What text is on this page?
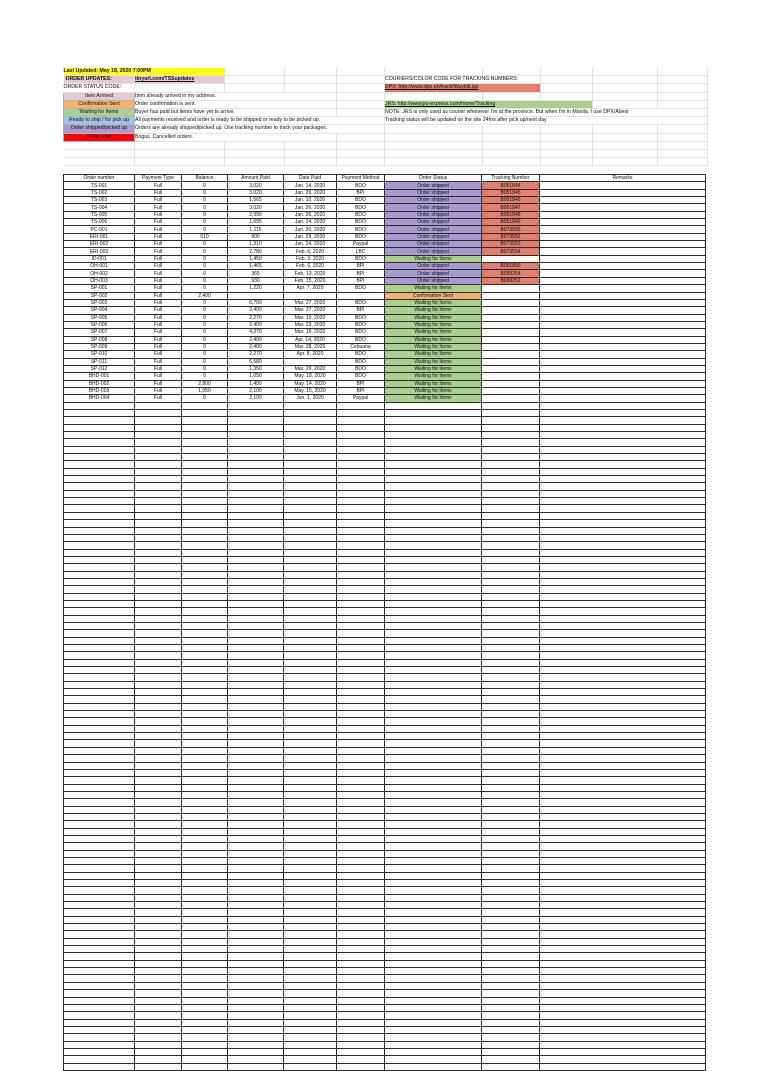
Last Updated: May 18, 2020 7:00PM									
ORDER UPDATES:	tinyurl.com/TSSupdates				COURIERS/COLOR CODE FOR TRACKING NUMBERS:				
ORDER STATUS CODE:					DPX: http://www.dpx.ph/track/Waybill.jsp				
Item Arrived	Item already arrived in my address.								
Confirmation Sent	Order confirmation is sent.				JRS: http://www.jrs-express.com/home/Tracking				
Waiting for Items	Buyer has paid but items have yet to arrive.				NOTE: JRS is only used as courier whenever I'm at the province. But when I'm in Manila, I use DPX/Abest				
Ready to ship / for pick up	All payments received and order is ready to be shipped or ready to be picked up.				Tracking status will be updated on the site 24hrs after pick up/next day				
Order shipped/picked up	Orders are already shipped/picked up. Use tracking number to track your packages.								
Order void	Bogus. Cancelled orders.								

Order number	Payment Type	Balance	Amount Paid	Date Paid	Payment Method	Order Status	Tracking Number	Remarks
TS-001	Full	0	3,020	Jan. 14, 2020	BDO	Order shipped	B051844	
TS-002	Full	0	3,020	Jan. 26, 2020	BPI	Order shipped	B051845	
TS-003	Full	0	1,565	Jan. 10, 2020	BDO	Order shipped	B051846	
TS-004	Full	0	3,020	Jan. 26, 2020	BDO	Order shipped	B051847	
TS-005	Full	0	2,990	Jan. 26, 2020	BDO	Order shipped	B051848	
TS-006	Full	0	1,695	Jan. 24, 2020	BDO	Order shipped	B051849	
PC-001	Full	0	1,115	Jan. 30, 2020	BDO	Order shipped	B073555	
ERI-001	Full	610	900	Jan. 29, 2020	BDO	Order shipped	B073552	
ERI-002	Full	0	1,310	Jan. 24, 2020	Paypal	Order shipped	B073553	
ERI-003	Full	0	2,780	Feb. 6, 2020	LBC	Order shipped	B073554	
ID-001	Full	0	1,450	Feb. 3, 2020	BDO	Waiting for Items		
OH-001	Full	0	1,465	Feb. 6, 2020	BPI	Order shipped	B051850	
OH-002	Full	0	365	Feb. 13, 2020	BPI	Order shipped	B039254	
OH-003	Full	0	930	Feb. 15, 2020	BPI	Order shipped	B039252	
SP-001	Full	0	1,220	Apr. 7, 2020	BDO	Waiting for Items		
SP-002	Full	2,400				Confirmation Sent		
SP-003	Full	0	6,700	Mar. 27, 2020	BDO	Waiting for Items		
SP-004	Full	0	2,400	Mar. 27, 2020	BPI	Waiting for Items		
SP-005	Full	0	2,270	Mar. 10, 2020	BDO	Waiting for Items		
SP-006	Full	0	2,400	Mar. 23, 2020	BDO	Waiting for Items		
SP-007	Full	0	4,370	Mar. 16, 2020	BDO	Waiting for Items		
SP-008	Full	0	2,400	Apr. 14, 2020	BDO	Waiting for Items		
SP-009	Full	0	2,400	Mar. 28, 2020	Cebuana	Waiting for Items		
SP-010	Full	0	2,270	Apr. 8, 2020	BDO	Waiting for Items		
SP-011	Full	0	6,580		BDO	Waiting for Items		
SP-012	Full	0	1,350	Mar. 29, 2020	BDO	Waiting for Items		
BHD-001	Full	0	1,050	May. 18, 2020	BDO	Waiting for Items		
BHD-002	Full	2,800	1,400	May. 14, 2020	BPI	Waiting for Items		
BHD-003	Full	1,050	2,100	May. 15, 2020	BPI	Waiting for Items		
BHD-004	Full	0	2,100	Jun. 1, 2020	Paypal	Waiting for Items		
